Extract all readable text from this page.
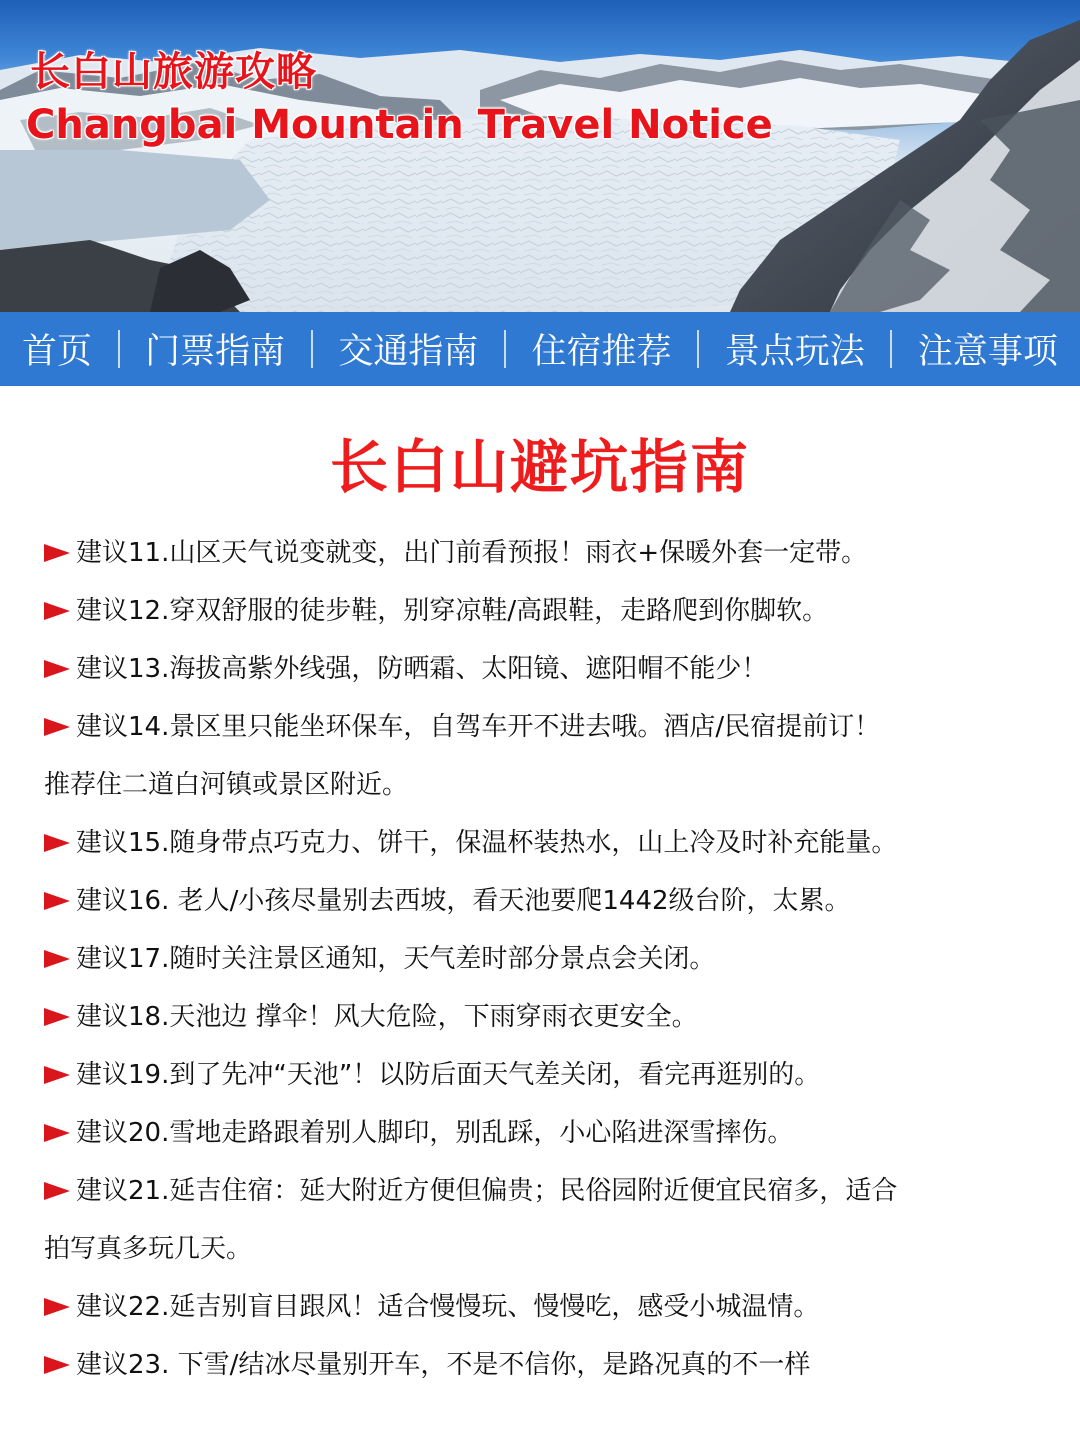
长白山旅游攻略
Changbai Mountain Travel Notice
首页 门票指南 交通指南 住宿推荐 景点玩法 注意事项
长白山避坑指南
建议11.山区天气说变就变，出门前看预报！雨衣+保暖外套一定带。
建议12.穿双舒服的徒步鞋，别穿凉鞋/高跟鞋，走路爬到你脚软。
建议13.海拔高紫外线强，防晒霜、太阳镜、遮阳帽不能少！
建议14.景区里只能坐环保车，自驾车开不进去哦。酒店/民宿提前订！
推荐住二道白河镇或景区附近。
建议15.随身带点巧克力、饼干，保温杯装热水，山上冷及时补充能量。
建议16. 老人/小孩尽量别去西坡，看天池要爬1442级台阶，太累。
建议17.随时关注景区通知，天气差时部分景点会关闭。
建议18.天池边 撑伞！风大危险，下雨穿雨衣更安全。
建议19.到了先冲“天池”！以防后面天气差关闭，看完再逛别的。
建议20.雪地走路跟着别人脚印，别乱踩，小心陷进深雪摔伤。
建议21.延吉住宿：延大附近方便但偏贵；民俗园附近便宜民宿多，适合
拍写真多玩几天。
建议22.延吉别盲目跟风！适合慢慢玩、慢慢吃，感受小城温情。
建议23. 下雪/结冰尽量别开车，不是不信你，是路况真的不一样
